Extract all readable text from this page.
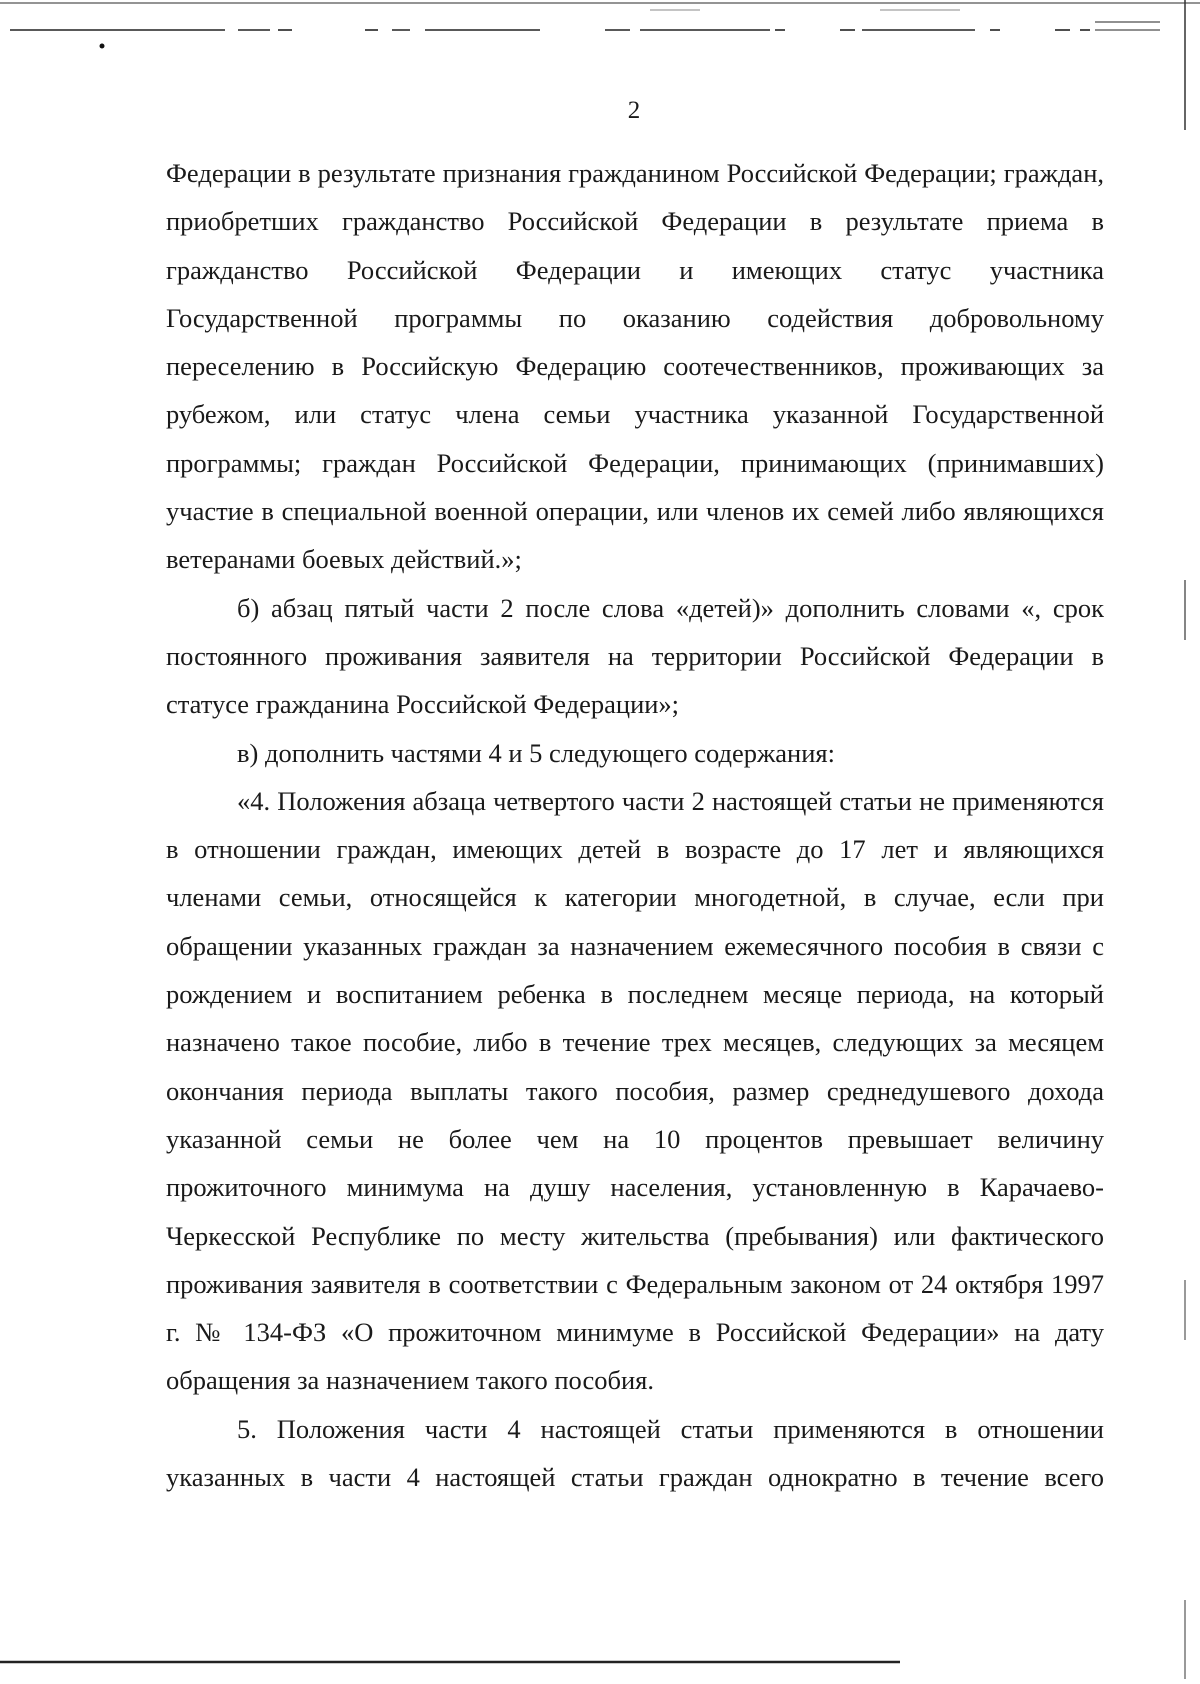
2

Федерации в результате признания гражданином Российской Федерации; граждан, приобретших гражданство Российской Федерации в результате приема в гражданство Российской Федерации и имеющих статус участника Государственной программы по оказанию содействия добровольному переселению в Российскую Федерацию соотечественников, проживающих за рубежом, или статус члена семьи участника указанной Государственной программы; граждан Российской Федерации, принимающих (принимавших) участие в специальной военной операции, или членов их семей либо являющихся ветеранами боевых действий.»;

б) абзац пятый части 2 после слова «детей)» дополнить словами «, срок постоянного проживания заявителя на территории Российской Федерации в статусе гражданина Российской Федерации»;

в) дополнить частями 4 и 5 следующего содержания:

«4. Положения абзаца четвертого части 2 настоящей статьи не применяются в отношении граждан, имеющих детей в возрасте до 17 лет и являющихся членами семьи, относящейся к категории многодетной, в случае, если при обращении указанных граждан за назначением ежемесячного пособия в связи с рождением и воспитанием ребенка в последнем месяце периода, на который назначено такое пособие, либо в течение трех месяцев, следующих за месяцем окончания периода выплаты такого пособия, размер среднедушевого дохода указанной семьи не более чем на 10 процентов превышает величину прожиточного минимума на душу населения, установленную в Карачаево-Черкесской Республике по месту жительства (пребывания) или фактического проживания заявителя в соответствии с Федеральным законом от 24 октября 1997 г. № 134-ФЗ «О прожиточном минимуме в Российской Федерации» на дату обращения за назначением такого пособия.

5. Положения части 4 настоящей статьи применяются в отношении указанных в части 4 настоящей статьи граждан однократно в течение всего
